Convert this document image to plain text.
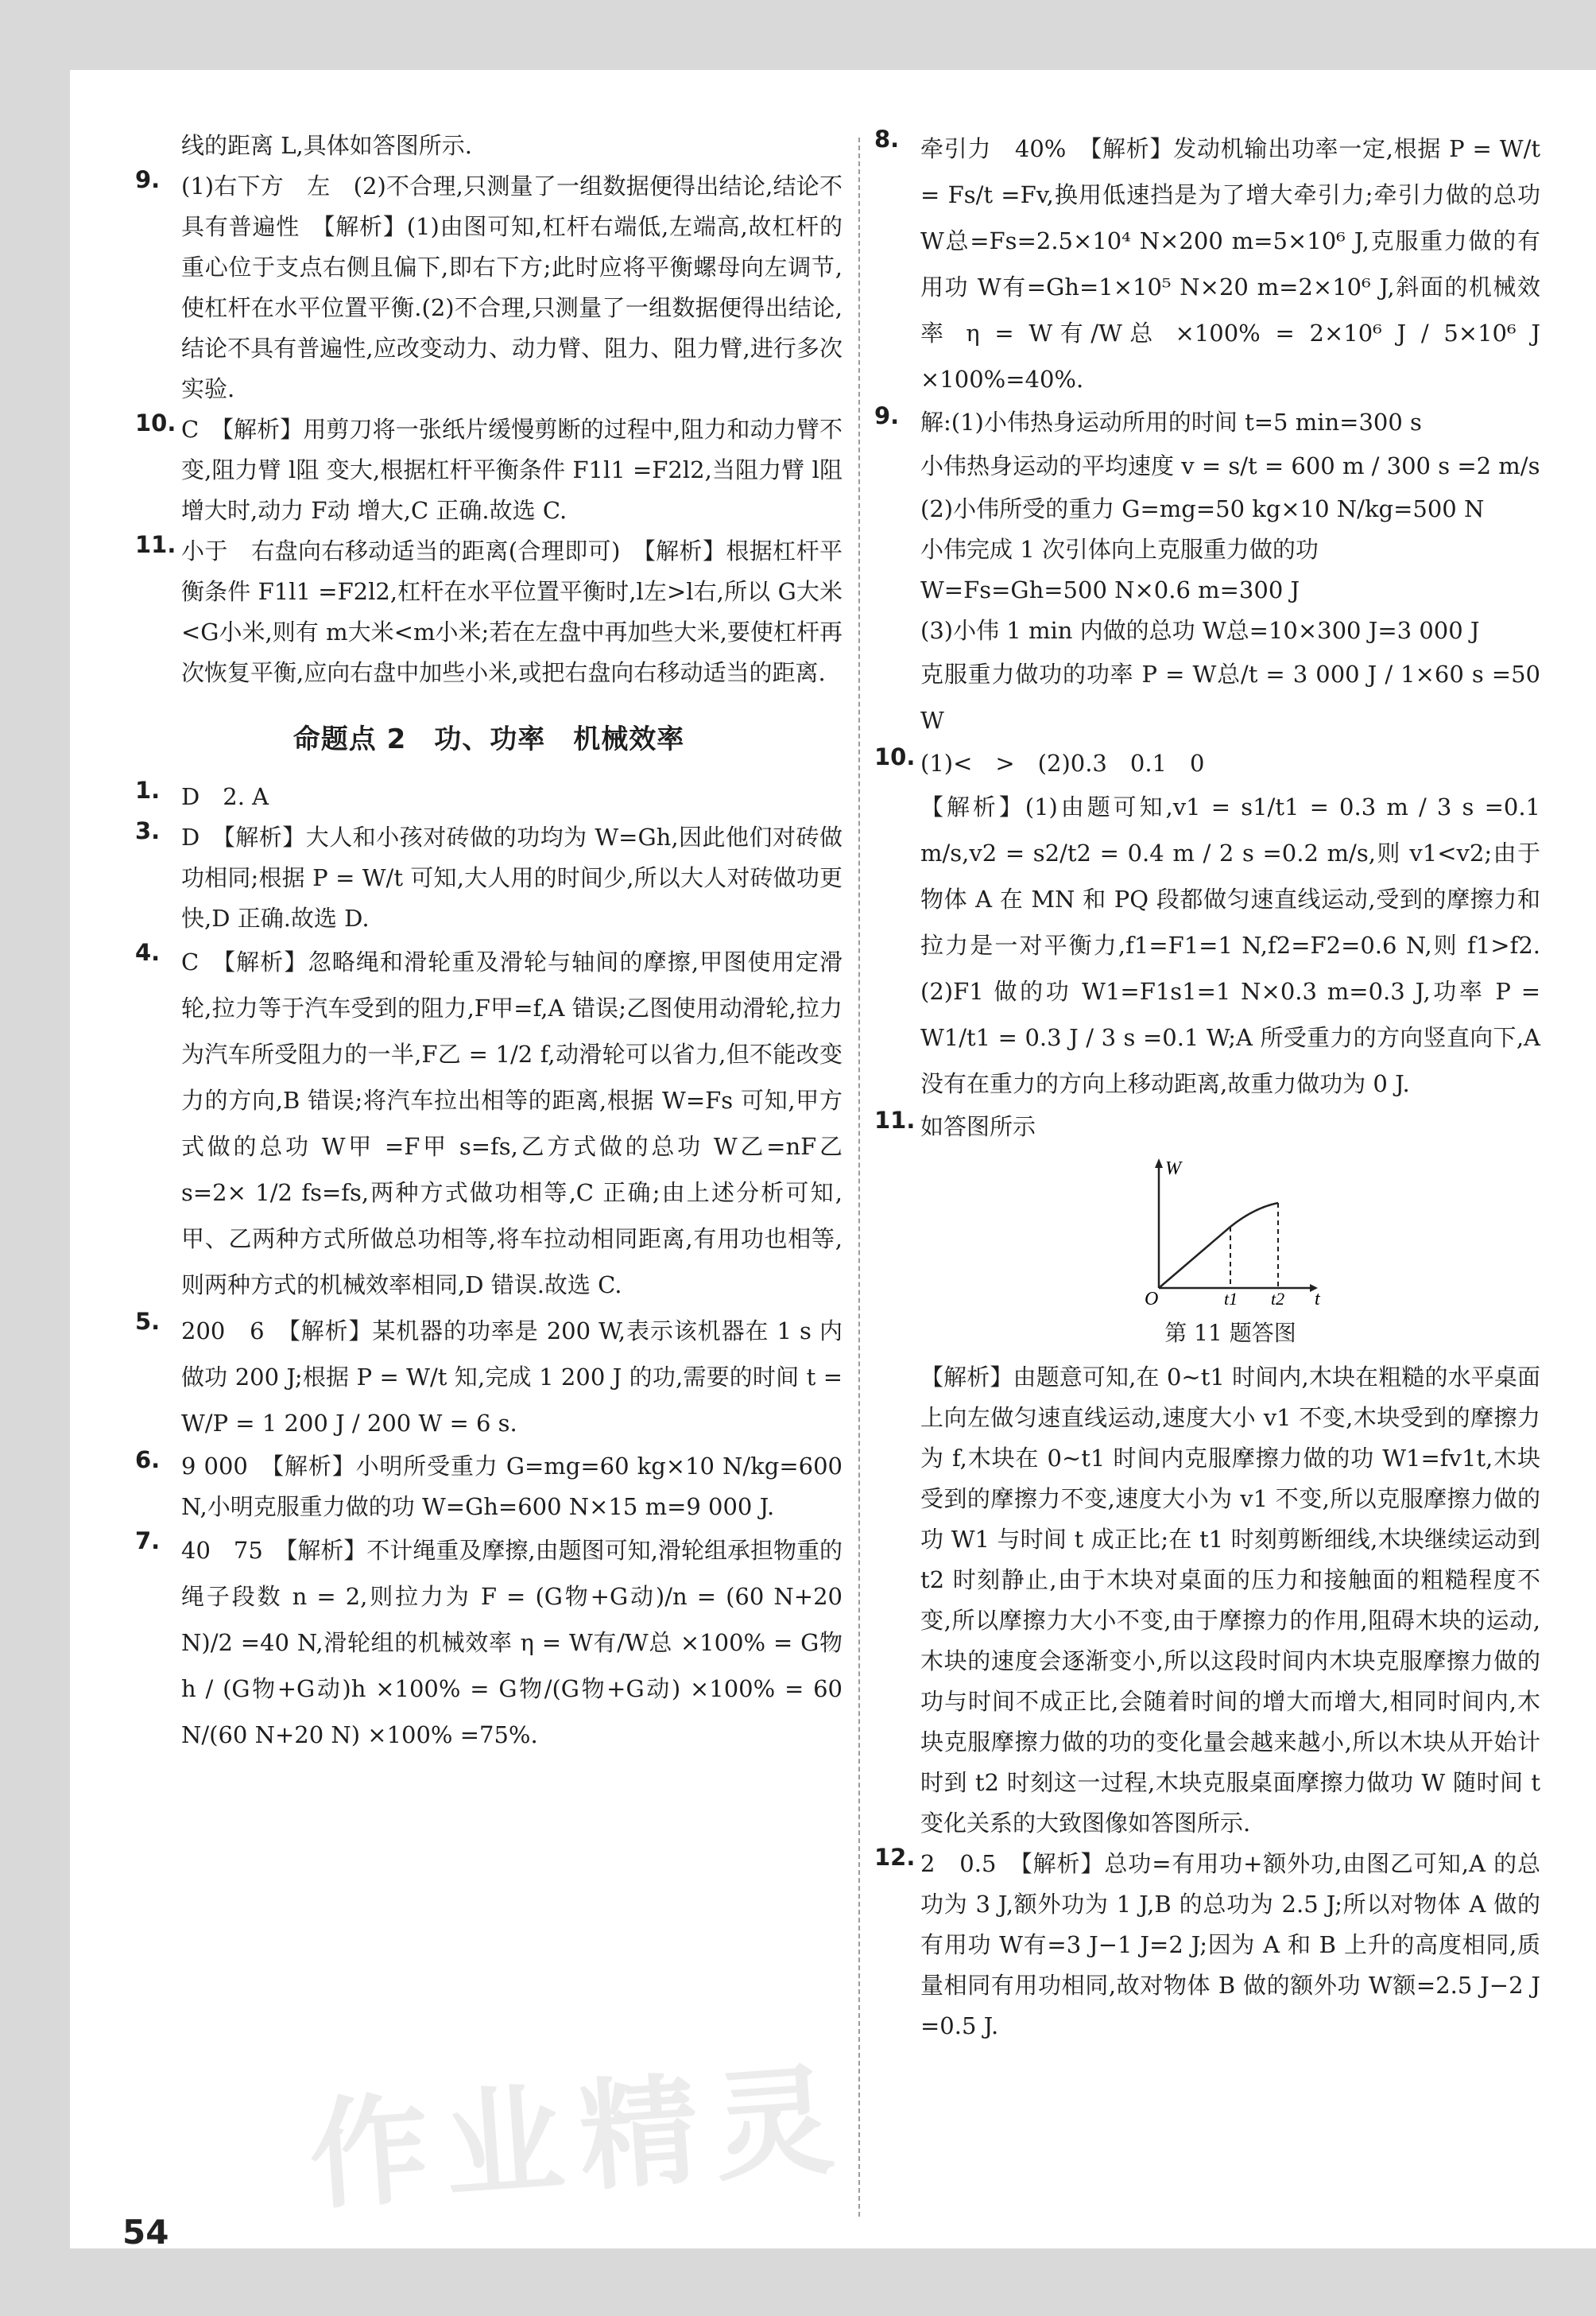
线的距离 L,具体如答图所示.

9. (1)右下方　左　(2)不合理,只测量了一组数据便得出结论,结论不具有普遍性　【解析】(1)由图可知,杠杆右端低,左端高,故杠杆的重心位于支点右侧且偏下,即右下方;此时应将平衡螺母向左调节,使杠杆在水平位置平衡.(2)不合理,只测量了一组数据便得出结论,结论不具有普遍性,应改变动力、动力臂、阻力、阻力臂,进行多次实验.

10. C　【解析】用剪刀将一张纸片缓慢剪断的过程中,阻力和动力臂不变,阻力臂 l阻 变大,根据杠杆平衡条件 F1l1 =F2l2,当阻力臂 l阻 增大时,动力 F动 增大,C 正确.故选 C.

11. 小于　右盘向右移动适当的距离(合理即可)　【解析】根据杠杆平衡条件 F1l1 =F2l2,杠杆在水平位置平衡时,l左>l右,所以 G大米<G小米,则有 m大米<m小米;若在左盘中再加些大米,要使杠杆再次恢复平衡,应向右盘中加些小米,或把右盘向右移动适当的距离.

命题点 2　功、功率　机械效率
1. D　2. A

3. D　【解析】大人和小孩对砖做的功均为 W=Gh,因此他们对砖做功相同;根据 P = W/t 可知,大人用的时间少,所以大人对砖做功更快,D 正确.故选 D.

4. C　【解析】忽略绳和滑轮重及滑轮与轴间的摩擦,甲图使用定滑轮,拉力等于汽车受到的阻力,F甲=f,A 错误;乙图使用动滑轮,拉力为汽车所受阻力的一半,F乙 = 1/2 f,动滑轮可以省力,但不能改变力的方向,B 错误;将汽车拉出相等的距离,根据 W=Fs 可知,甲方式做的总功 W甲 =F甲 s=fs,乙方式做的总功 W乙=nF乙 s=2× 1/2 fs=fs,两种方式做功相等,C 正确;由上述分析可知,甲、乙两种方式所做总功相等,将车拉动相同距离,有用功也相等,则两种方式的机械效率相同,D 错误.故选 C.

5. 200　6　【解析】某机器的功率是 200 W,表示该机器在 1 s 内做功 200 J;根据 P = W/t 知,完成 1 200 J 的功,需要的时间 t = W/P = 1 200 J / 200 W = 6 s.

6. 9 000　【解析】小明所受重力 G=mg=60 kg×10 N/kg=600 N,小明克服重力做的功 W=Gh=600 N×15 m=9 000 J.

7. 40　75　【解析】不计绳重及摩擦,由题图可知,滑轮组承担物重的绳子段数 n = 2,则拉力为 F = (G物+G动)/n = (60 N+20 N)/2 =40 N,滑轮组的机械效率 η = W有/W总 ×100% = G物h / (G物+G动)h ×100% = G物/(G物+G动) ×100% = 60 N/(60 N+20 N) ×100% =75%.

8. 牵引力　40%　【解析】发动机输出功率一定,根据 P = W/t = Fs/t =Fv,换用低速挡是为了增大牵引力;牵引力做的总功 W总=Fs=2.5×10⁴ N×200 m=5×10⁶ J,克服重力做的有用功 W有=Gh=1×10⁵ N×20 m=2×10⁶ J,斜面的机械效率 η = W有/W总 ×100% = 2×10⁶ J / 5×10⁶ J ×100%=40%.

9. 解:(1)小伟热身运动所用的时间 t=5 min=300 s

小伟热身运动的平均速度 v = s/t = 600 m / 300 s =2 m/s

(2)小伟所受的重力 G=mg=50 kg×10 N/kg=500 N

小伟完成 1 次引体向上克服重力做的功

W=Fs=Gh=500 N×0.6 m=300 J

(3)小伟 1 min 内做的总功 W总=10×300 J=3 000 J

克服重力做功的功率 P = W总/t = 3 000 J / 1×60 s =50 W

10. (1)<　>　(2)0.3　0.1　0

【解析】(1)由题可知,v1 = s1/t1 = 0.3 m / 3 s =0.1 m/s,v2 = s2/t2 = 0.4 m / 2 s =0.2 m/s,则 v1<v2;由于物体 A 在 MN 和 PQ 段都做匀速直线运动,受到的摩擦力和拉力是一对平衡力,f1=F1=1 N,f2=F2=0.6 N,则 f1>f2.(2)F1 做的功 W1=F1s1=1 N×0.3 m=0.3 J,功率 P = W1/t1 = 0.3 J / 3 s =0.1 W;A 所受重力的方向竖直向下,A 没有在重力的方向上移动距离,故重力做功为 0 J.

11. 如答图所示

W
O	t1 t2 t

第 11 题答图

【解析】由题意可知,在 0~t1 时间内,木块在粗糙的水平桌面上向左做匀速直线运动,速度大小 v1 不变,木块受到的摩擦力为 f,木块在 0~t1 时间内克服摩擦力做的功 W1=fv1t,木块受到的摩擦力不变,速度大小为 v1 不变,所以克服摩擦力做的功 W1 与时间 t 成正比;在 t1 时刻剪断细线,木块继续运动到 t2 时刻静止,由于木块对桌面的压力和接触面的粗糙程度不变,所以摩擦力大小不变,由于摩擦力的作用,阻碍木块的运动,木块的速度会逐渐变小,所以这段时间内木块克服摩擦力做的功与时间不成正比,会随着时间的增大而增大,相同时间内,木块克服摩擦力做的功的变化量会越来越小,所以木块从开始计时到 t2 时刻这一过程,木块克服桌面摩擦力做功 W 随时间 t 变化关系的大致图像如答图所示.

12. 2　0.5　【解析】总功=有用功+额外功,由图乙可知,A 的总功为 3 J,额外功为 1 J,B 的总功为 2.5 J;所以对物体 A 做的有用功 W有=3 J−1 J=2 J;因为 A 和 B 上升的高度相同,质量相同有用功相同,故对物体 B 做的额外功 W额=2.5 J−2 J =0.5 J.

作业精灵
54
